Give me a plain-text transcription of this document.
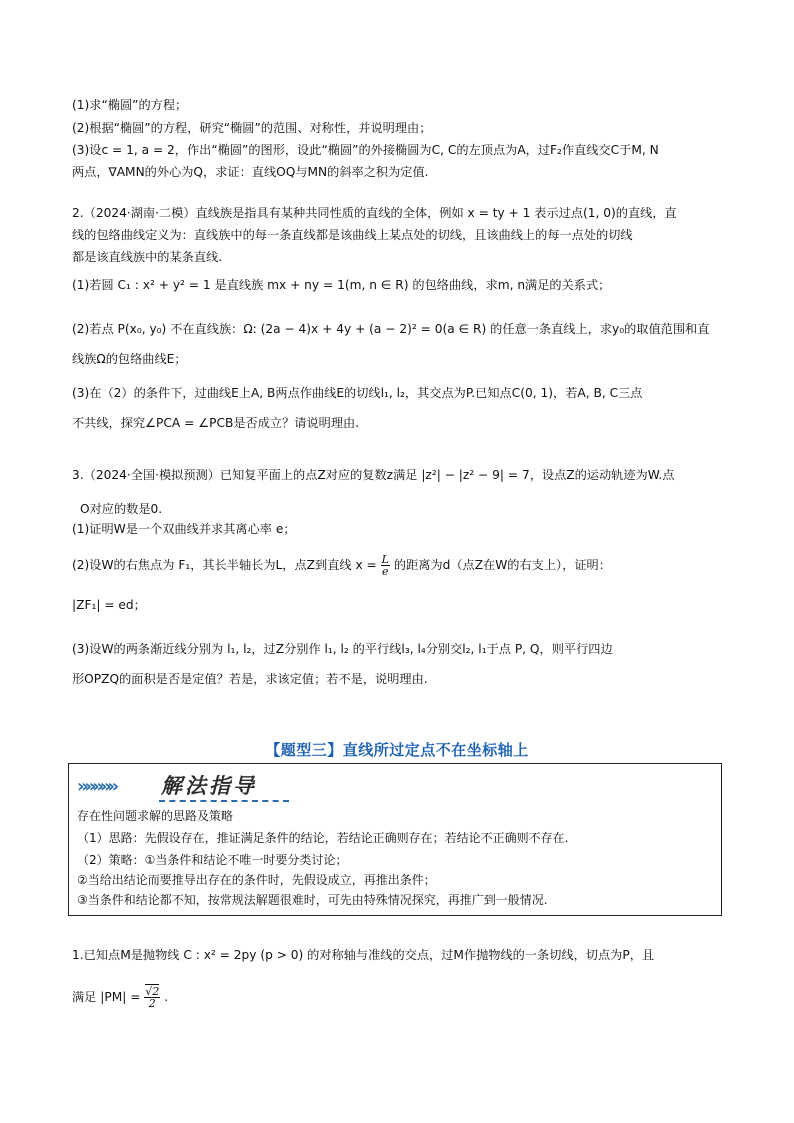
(1)求“椭圆”的方程；
(2)根据“椭圆”的方程，研究“椭圆”的范围、对称性，并说明理由；
(3)设c = 1, a = 2，作出“椭圆”的图形，设此“椭圆”的外接椭圆为C, C的左顶点为A，过F₂作直线交C于M, N
两点，∇AMN的外心为Q，求证：直线OQ与MN的斜率之积为定值.
2.（2024·湖南·二模）直线族是指具有某种共同性质的直线的全体，例如 x = ty + 1 表示过点(1, 0)的直线，直
线的包络曲线定义为：直线族中的每一条直线都是该曲线上某点处的切线，且该曲线上的每一点处的切线
都是该直线族中的某条直线.
(1)若圆 C₁ : x² + y² = 1 是直线族 mx + ny = 1(m, n ∈ R) 的包络曲线，求m, n满足的关系式；
(2)若点 P(x₀, y₀) 不在直线族：Ω: (2a − 4)x + 4y + (a − 2)² = 0(a ∈ R) 的任意一条直线上，求y₀的取值范围和直
线族Ω的包络曲线E；
(3)在（2）的条件下，过曲线E上A, B两点作曲线E的切线l₁, l₂，其交点为P.已知点C(0, 1)，若A, B, C三点
不共线，探究∠PCA = ∠PCB是否成立？请说明理由.
3.（2024·全国·模拟预测）已知复平面上的点Z对应的复数z满足 |z²| − |z² − 9| = 7，设点Z的运动轨迹为W.点
O对应的数是0.
(1)证明W是一个双曲线并求其离心率 e；
(2)设W的右焦点为 F₁，其长半轴长为L，点Z到直线 $x = \frac{L}{e}$ 的距离为d（点Z在W的右支上），证明：
|ZF₁| = ed；
(3)设W的两条渐近线分别为 l₁, l₂，过Z分别作 l₁, l₂ 的平行线l₃, l₄分别交l₂, l₁于点 P, Q，则平行四边
形OPZQ的面积是否是定值？若是，求该定值；若不是，说明理由.
【题型三】直线所过定点不在坐标轴上
»»»»» 解法指导
存在性问题求解的思路及策略
（1）思路：先假设存在，推证满足条件的结论，若结论正确则存在；若结论不正确则不存在.
（2）策略：①当条件和结论不唯一时要分类讨论；
②当给出结论而要推导出存在的条件时，先假设成立，再推出条件；
③当条件和结论都不知，按常规法解题很难时，可先由特殊情况探究，再推广到一般情况.
1.已知点M是抛物线 C : x² = 2py (p > 0) 的对称轴与准线的交点，过M作抛物线的一条切线，切点为P，且
满足 $|PM| = \frac{√2}{2}$ .
